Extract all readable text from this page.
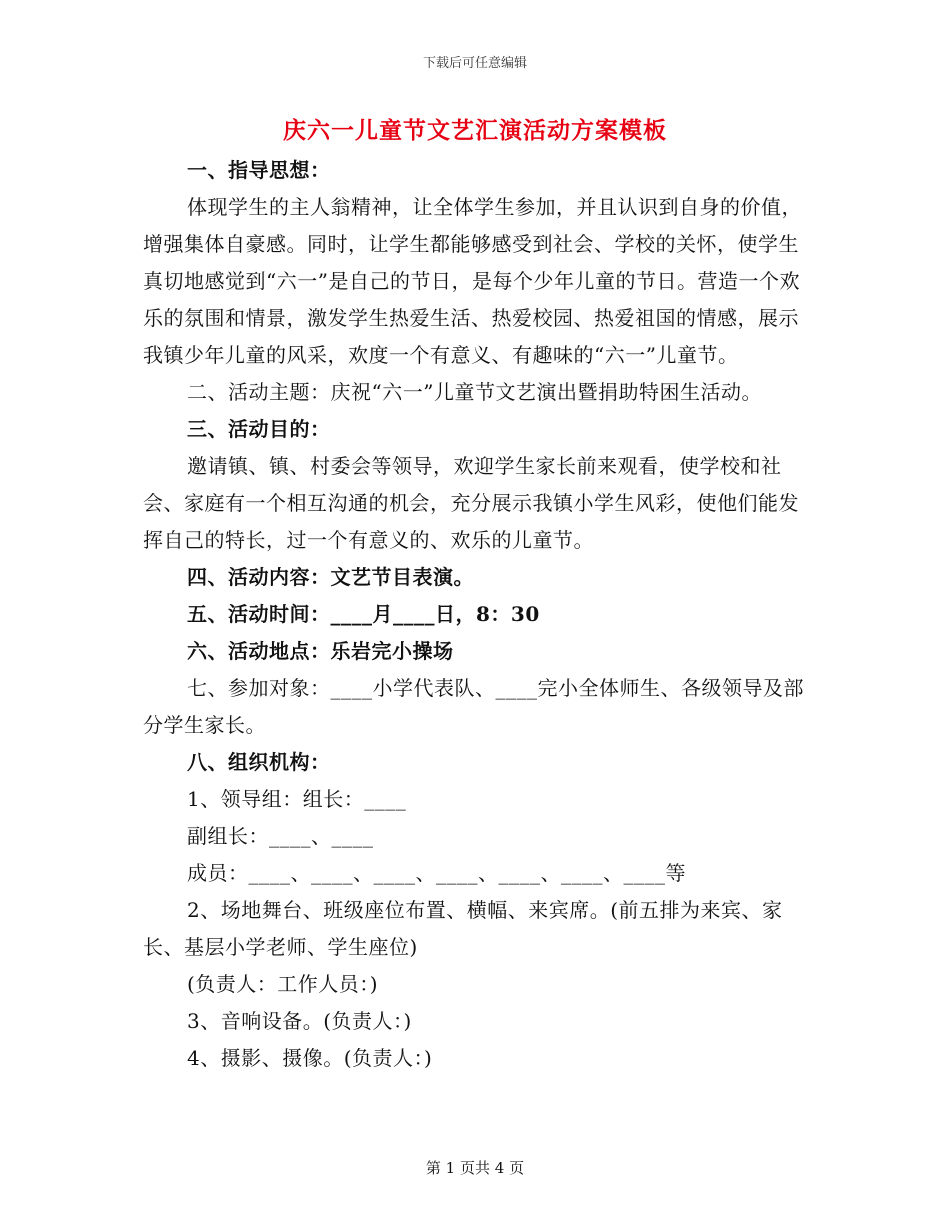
下载后可任意编辑
庆六一儿童节文艺汇演活动方案模板

一、指导思想：

体现学生的主人翁精神，让全体学生参加，并且认识到自身的价值，增强集体自豪感。同时，让学生都能够感受到社会、学校的关怀，使学生真切地感觉到“六一”是自己的节日，是每个少年儿童的节日。营造一个欢乐的氛围和情景，激发学生热爱生活、热爱校园、热爱祖国的情感，展示我镇少年儿童的风采，欢度一个有意义、有趣味的“六一”儿童节。

二、活动主题：庆祝“六一”儿童节文艺演出暨捐助特困生活动。

三、活动目的：

邀请镇、镇、村委会等领导，欢迎学生家长前来观看，使学校和社会、家庭有一个相互沟通的机会，充分展示我镇小学生风彩，使他们能发挥自己的特长，过一个有意义的、欢乐的儿童节。

四、活动内容：文艺节目表演。

五、活动时间：____月____日，8：30

六、活动地点：乐岩完小操场

七、参加对象：____小学代表队、____完小全体师生、各级领导及部分学生家长。

八、组织机构：

1、领导组：组长：____

副组长：____、____

成员：____、____、____、____、____、____、____等

2、场地舞台、班级座位布置、横幅、来宾席。(前五排为来宾、家长、基层小学老师、学生座位)

(负责人：工作人员：)

3、音响设备。(负责人：)

4、摄影、摄像。(负责人：)

第 1 页共 4 页
